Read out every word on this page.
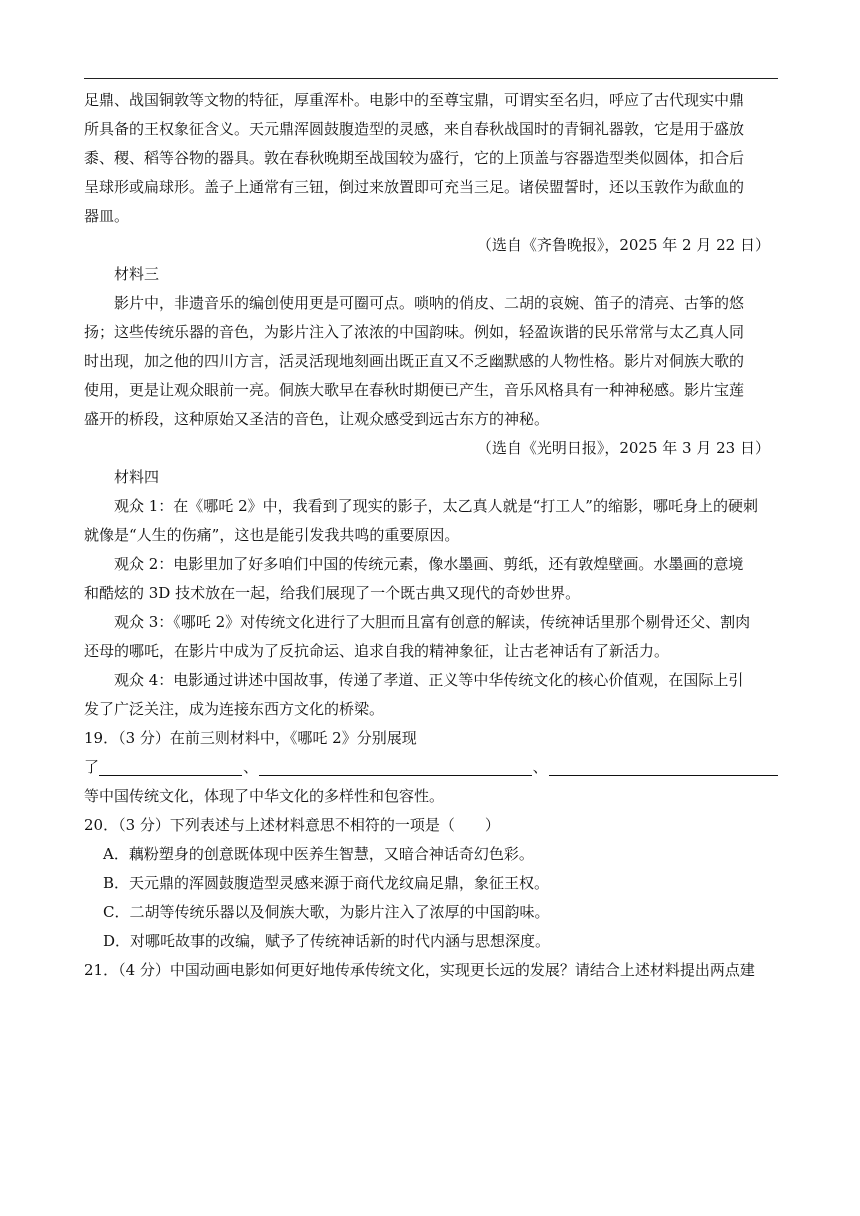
足鼎、战国铜敦等文物的特征，厚重浑朴。电影中的至尊宝鼎，可谓实至名归，呼应了古代现实中鼎
所具备的王权象征含义。天元鼎浑圆鼓腹造型的灵感，来自春秋战国时的青铜礼器敦，它是用于盛放
黍、稷、稻等谷物的器具。敦在春秋晚期至战国较为盛行，它的上顶盖与容器造型类似圆体，扣合后
呈球形或扁球形。盖子上通常有三钮，倒过来放置即可充当三足。诸侯盟誓时，还以玉敦作为歃血的
器皿。
（选自《齐鲁晚报》，2025 年 2 月 22 日）
材料三
影片中，非遗音乐的编创使用更是可圈可点。唢呐的俏皮、二胡的哀婉、笛子的清亮、古筝的悠
扬；这些传统乐器的音色，为影片注入了浓浓的中国韵味。例如，轻盈诙谐的民乐常常与太乙真人同
时出现，加之他的四川方言，活灵活现地刻画出既正直又不乏幽默感的人物性格。影片对侗族大歌的
使用，更是让观众眼前一亮。侗族大歌早在春秋时期便已产生，音乐风格具有一种神秘感。影片宝莲
盛开的桥段，这种原始又圣洁的音色，让观众感受到远古东方的神秘。
（选自《光明日报》，2025 年 3 月 23 日）
材料四
观众 1：在《哪吒 2》中，我看到了现实的影子，太乙真人就是“打工人”的缩影，哪吒身上的硬刺
就像是“人生的伤痛”，这也是能引发我共鸣的重要原因。
观众 2：电影里加了好多咱们中国的传统元素，像水墨画、剪纸，还有敦煌壁画。水墨画的意境
和酷炫的 3D 技术放在一起，给我们展现了一个既古典又现代的奇妙世界。
观众 3：《哪吒 2》对传统文化进行了大胆而且富有创意的解读，传统神话里那个剔骨还父、割肉
还母的哪吒，在影片中成为了反抗命运、追求自我的精神象征，让古老神话有了新活力。
观众 4：电影通过讲述中国故事，传递了孝道、正义等中华传统文化的核心价值观，在国际上引
发了广泛关注，成为连接东西方文化的桥梁。
19．（3 分）在前三则材料中，《哪吒 2》分别展现
了	、	、
等中国传统文化，体现了中华文化的多样性和包容性。
20．（3 分）下列表述与上述材料意思不相符的一项是（　　）
A．藕粉塑身的创意既体现中医养生智慧，又暗合神话奇幻色彩。
B．天元鼎的浑圆鼓腹造型灵感来源于商代龙纹扁足鼎，象征王权。
C．二胡等传统乐器以及侗族大歌，为影片注入了浓厚的中国韵味。
D．对哪吒故事的改编，赋予了传统神话新的时代内涵与思想深度。
21．（4 分）中国动画电影如何更好地传承传统文化，实现更长远的发展？请结合上述材料提出两点建
